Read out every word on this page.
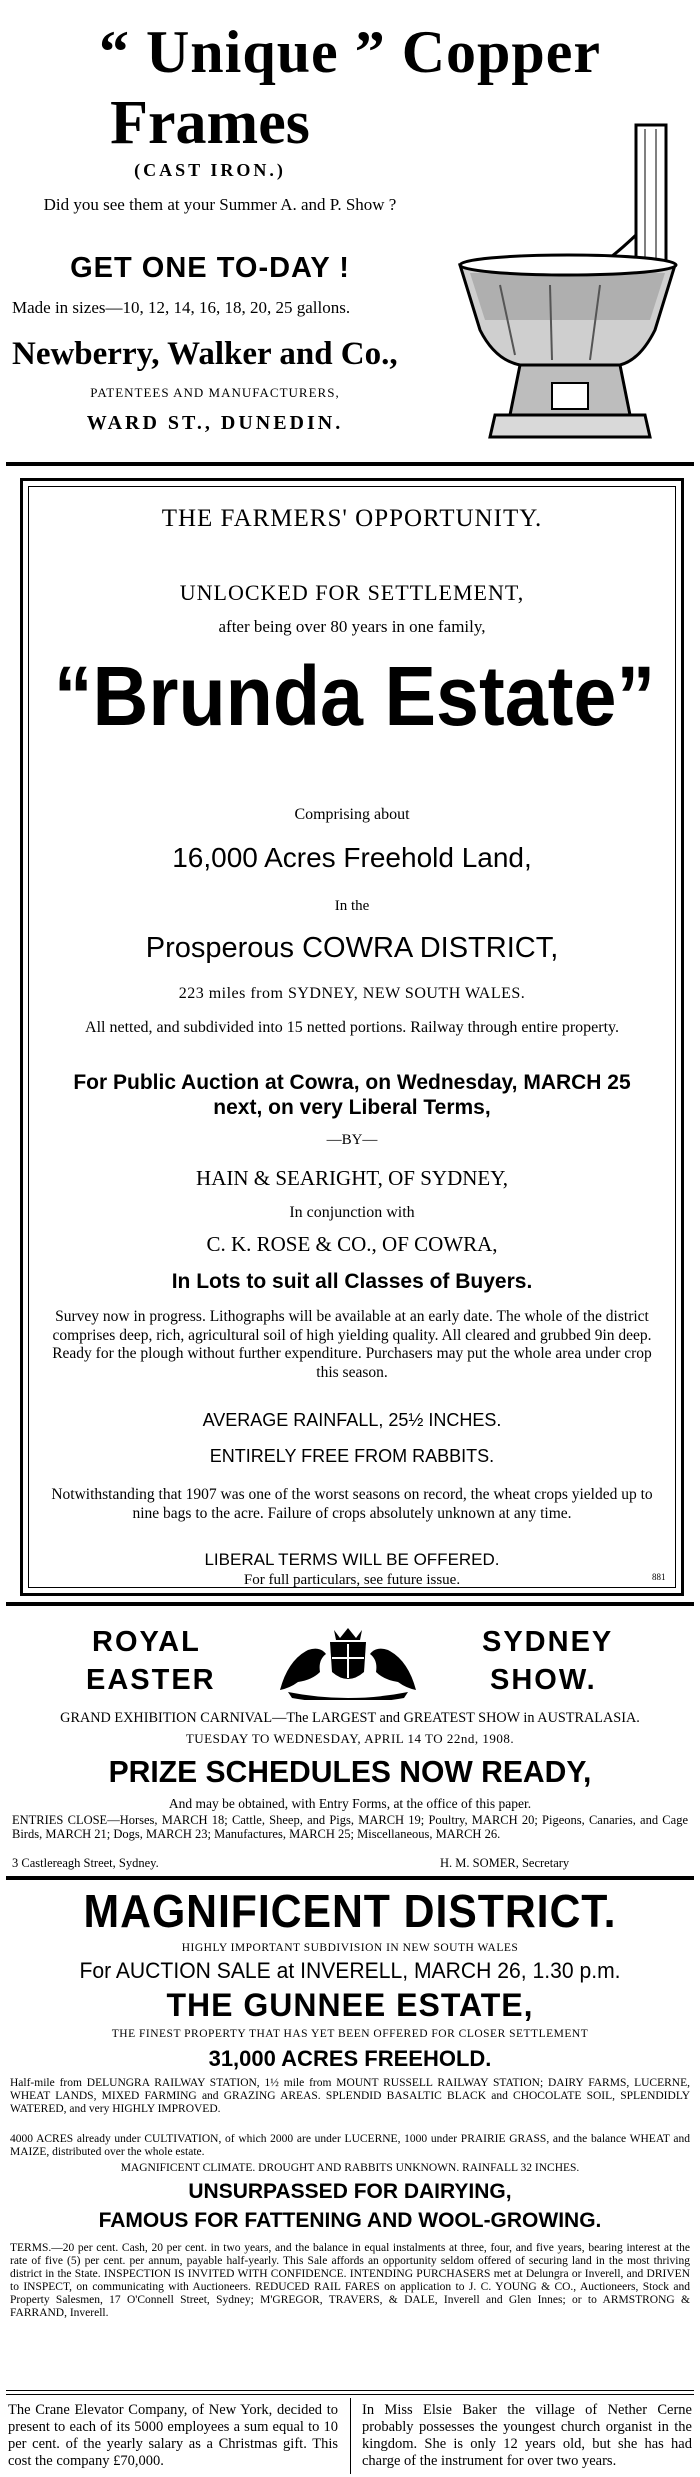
“ Unique ” Copper
Frames
(CAST IRON.)
Did you see them at your Summer A. and P. Show ?
GET ONE TO-DAY !
Made in sizes—10, 12, 14, 16, 18, 20, 25 gallons.
Newberry, Walker and Co.,
PATENTEES AND MANUFACTURERS,
WARD ST., DUNEDIN.
THE FARMERS' OPPORTUNITY.
UNLOCKED FOR SETTLEMENT,
after being over 80 years in one family,
“Brunda Estate”
Comprising about
16,000 Acres Freehold Land,
In the
Prosperous COWRA DISTRICT,
223 miles from SYDNEY, NEW SOUTH WALES.
All netted, and subdivided into 15 netted portions. Railway through entire property.
For Public Auction at Cowra, on Wednesday, MARCH 25 next, on very Liberal Terms,
—BY—
HAIN & SEARIGHT, OF SYDNEY,
In conjunction with
C. K. ROSE & CO., OF COWRA,
In Lots to suit all Classes of Buyers.
Survey now in progress. Lithographs will be available at an early date. The whole of the district comprises deep, rich, agricultural soil of high yielding quality. All cleared and grubbed 9in deep. Ready for the plough without further expenditure. Purchasers may put the whole area under crop this season.
AVERAGE RAINFALL, 25½ INCHES.
ENTIRELY FREE FROM RABBITS.
Notwithstanding that 1907 was one of the worst seasons on record, the wheat crops yielded up to nine bags to the acre. Failure of crops absolutely unknown at any time.
LIBERAL TERMS WILL BE OFFERED.
For full particulars, see future issue.	881
ROYAL
EASTER
SYDNEY
SHOW.
GRAND EXHIBITION CARNIVAL—The LARGEST and GREATEST SHOW in AUSTRALASIA.
TUESDAY TO WEDNESDAY, APRIL 14 TO 22nd, 1908.
PRIZE SCHEDULES NOW READY,
And may be obtained, with Entry Forms, at the office of this paper.
ENTRIES CLOSE—Horses, MARCH 18; Cattle, Sheep, and Pigs, MARCH 19; Poultry, MARCH 20; Pigeons, Canaries, and Cage Birds, MARCH 21; Dogs, MARCH 23; Manufactures, MARCH 25; Miscellaneous, MARCH 26.
3 Castlereagh Street, Sydney.	H. M. SOMER, Secretary
MAGNIFICENT DISTRICT.
HIGHLY IMPORTANT SUBDIVISION IN NEW SOUTH WALES
For AUCTION SALE at INVERELL, MARCH 26, 1.30 p.m.
THE GUNNEE ESTATE,
THE FINEST PROPERTY THAT HAS YET BEEN OFFERED FOR CLOSER SETTLEMENT
31,000 ACRES FREEHOLD.
Half-mile from DELUNGRA RAILWAY STATION, 1½ mile from MOUNT RUSSELL RAILWAY STATION; DAIRY FARMS, LUCERNE, WHEAT LANDS, MIXED FARMING and GRAZING AREAS. SPLENDID BASALTIC BLACK and CHOCOLATE SOIL, SPLENDIDLY WATERED, and very HIGHLY IMPROVED.
4000 ACRES already under CULTIVATION, of which 2000 are under LUCERNE, 1000 under PRAIRIE GRASS, and the balance WHEAT and MAIZE, distributed over the whole estate.
MAGNIFICENT CLIMATE. DROUGHT AND RABBITS UNKNOWN. RAINFALL 32 INCHES.
UNSURPASSED FOR DAIRYING,
FAMOUS FOR FATTENING AND WOOL-GROWING.
TERMS.—20 per cent. Cash, 20 per cent. in two years, and the balance in equal instalments at three, four, and five years, bearing interest at the rate of five (5) per cent. per annum, payable half-yearly. This Sale affords an opportunity seldom offered of securing land in the most thriving district in the State. INSPECTION IS INVITED WITH CONFIDENCE. INTENDING PURCHASERS met at Delungra or Inverell, and DRIVEN to INSPECT, on communicating with Auctioneers. REDUCED RAIL FARES on application to J. C. YOUNG & CO., Auctioneers, Stock and Property Salesmen, 17 O'Connell Street, Sydney; M'GREGOR, TRAVERS, & DALE, Inverell and Glen Innes; or to ARMSTRONG & FARRAND, Inverell.
The Crane Elevator Company, of New York, decided to present to each of its 5000 employees a sum equal to 10 per cent. of the yearly salary as a Christmas gift. This cost the company £70,000.
In Miss Elsie Baker the village of Nether Cerne probably possesses the youngest church organist in the kingdom. She is only 12 years old, but she has had charge of the instrument for over two years.
